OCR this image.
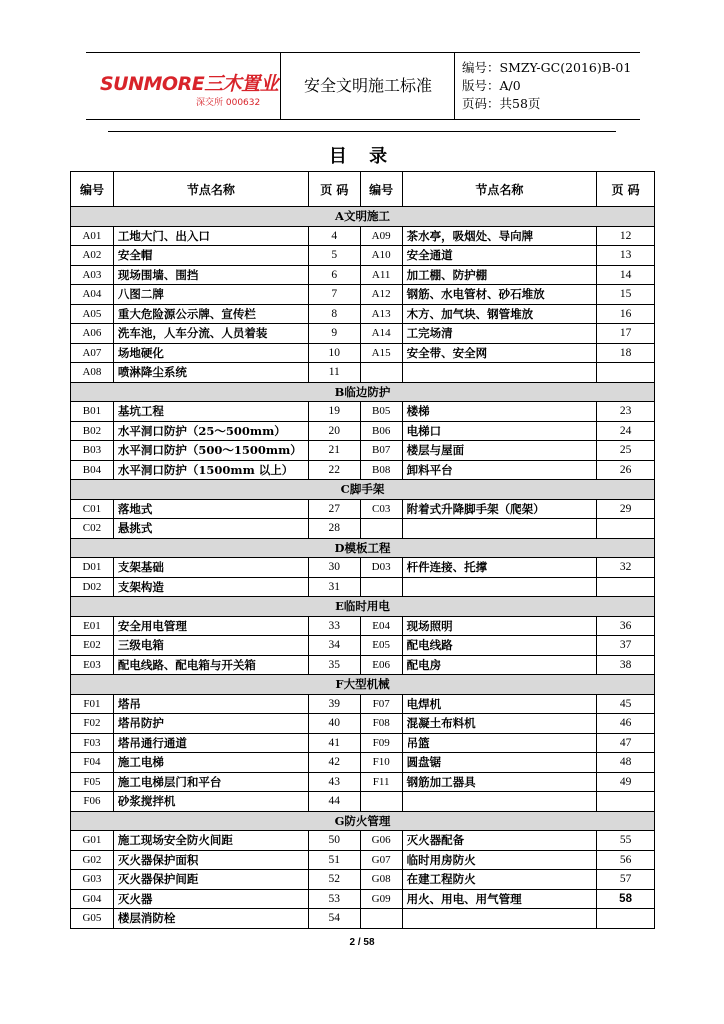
SUNMORE三木置业
深交所 000632
安全文明施工标准
编号：SMZY-GC(2016)B-01
版号：A/0
页码：共58页
目 录
编号	节点名称	页 码	编号	节点名称	页 码
A文明施工					
A01	工地大门、出入口	4	A09	茶水亭，吸烟处、导向牌	12
A02	安全帽	5	A10	安全通道	13
A03	现场围墙、围挡	6	A11	加工棚、防护棚	14
A04	八图二牌	7	A12	钢筋、水电管材、砂石堆放	15
A05	重大危险源公示牌、宣传栏	8	A13	木方、加气块、钢管堆放	16
A06	洗车池，人车分流、人员着装	9	A14	工完场清	17
A07	场地硬化	10	A15	安全带、安全网	18
A08	喷淋降尘系统	11			
B临边防护					
B01	基坑工程	19	B05	楼梯	23
B02	水平洞口防护（25～500mm）	20	B06	电梯口	24
B03	水平洞口防护（500～1500mm）	21	B07	楼层与屋面	25
B04	水平洞口防护（1500mm 以上）	22	B08	卸料平台	26
C脚手架					
C01	落地式	27	C03	附着式升降脚手架（爬架）	29
C02	悬挑式	28			
D模板工程					
D01	支架基础	30	D03	杆件连接、托撑	32
D02	支架构造	31			
E临时用电					
E01	安全用电管理	33	E04	现场照明	36
E02	三级电箱	34	E05	配电线路	37
E03	配电线路、配电箱与开关箱	35	E06	配电房	38
F大型机械					
F01	塔吊	39	F07	电焊机	45
F02	塔吊防护	40	F08	混凝土布料机	46
F03	塔吊通行通道	41	F09	吊篮	47
F04	施工电梯	42	F10	圆盘锯	48
F05	施工电梯层门和平台	43	F11	钢筋加工器具	49
F06	砂浆搅拌机	44			
G防火管理					
G01	施工现场安全防火间距	50	G06	灭火器配备	55
G02	灭火器保护面积	51	G07	临时用房防火	56
G03	灭火器保护间距	52	G08	在建工程防火	57
G04	灭火器	53	G09	用火、用电、用气管理	58
G05	楼层消防栓	54			
2 / 58
